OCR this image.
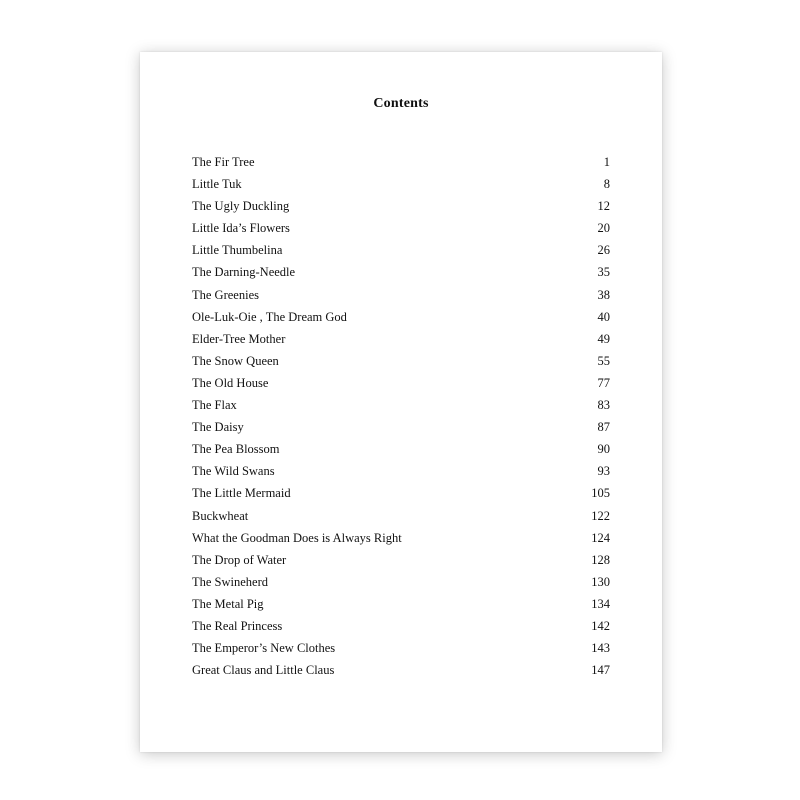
Contents
The Fir Tree	1
Little Tuk	8
The Ugly Duckling	12
Little Ida’s Flowers	20
Little Thumbelina	26
The Darning-Needle	35
The Greenies	38
Ole-Luk-Oie , The Dream God	40
Elder-Tree Mother	49
The Snow Queen	55
The Old House	77
The Flax	83
The Daisy	87
The Pea Blossom	90
The Wild Swans	93
The Little Mermaid	105
Buckwheat	122
What the Goodman Does is Always Right	124
The Drop of Water	128
The Swineherd	130
The Metal Pig	134
The Real Princess	142
The Emperor’s New Clothes	143
Great Claus and Little Claus	147
